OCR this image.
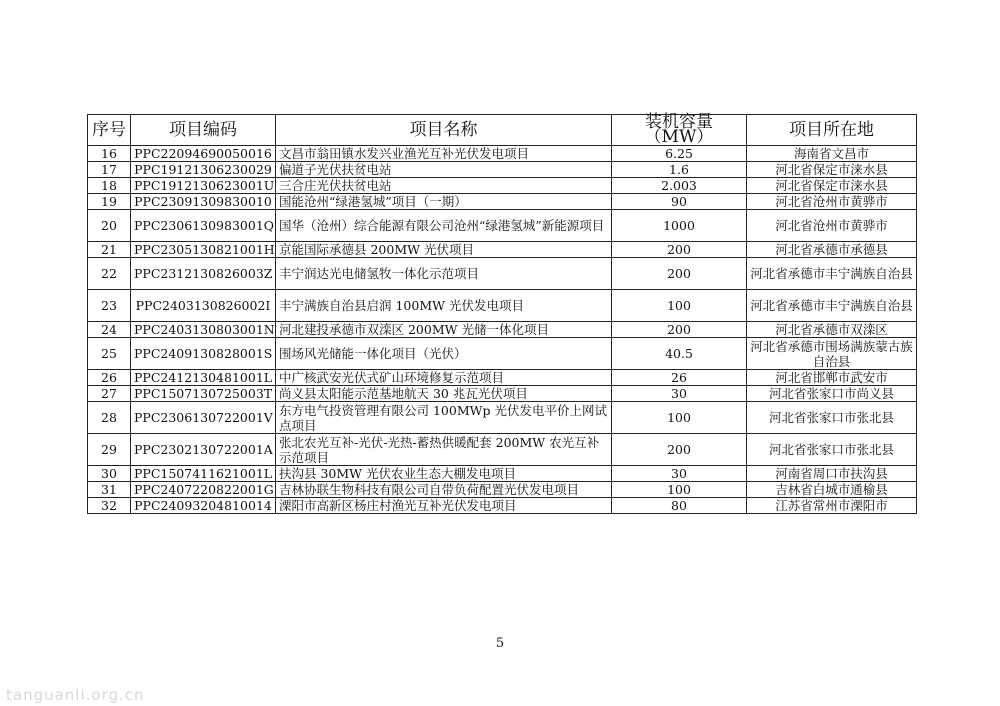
序号	项目编码	项目名称	装机容量（MW）	项目所在地
16	PPC22094690050016	文昌市翁田镇水发兴业渔光互补光伏发电项目	6.25	海南省文昌市
17	PPC19121306230029	偏道子光伏扶贫电站	1.6	河北省保定市涞水县
18	PPC1912130623001U	三合庄光伏扶贫电站	2.003	河北省保定市涞水县
19	PPC23091309830010	国能沧州“绿港氢城”项目（一期）	90	河北省沧州市黄骅市
20	PPC2306130983001Q	国华（沧州）综合能源有限公司沧州“绿港氢城”新能源项目	1000	河北省沧州市黄骅市
21	PPC2305130821001H	京能国际承德县 200MW 光伏项目	200	河北省承德市承德县
22	PPC2312130826003Z	丰宁润达光电储氢牧一体化示范项目	200	河北省承德市丰宁满族自治县
23	PPC2403130826002I	丰宁满族自治县启润 100MW 光伏发电项目	100	河北省承德市丰宁满族自治县
24	PPC2403130803001N	河北建投承德市双滦区 200MW 光储一体化项目	200	河北省承德市双滦区
25	PPC2409130828001S	围场风光储能一体化项目（光伏）	40.5	河北省承德市围场满族蒙古族自治县
26	PPC2412130481001L	中广核武安光伏式矿山环境修复示范项目	26	河北省邯郸市武安市
27	PPC1507130725003T	尚义县太阳能示范基地航天 30 兆瓦光伏项目	30	河北省张家口市尚义县
28	PPC2306130722001V	东方电气投资管理有限公司 100MWp 光伏发电平价上网试点项目	100	河北省张家口市张北县
29	PPC2302130722001A	张北农光互补-光伏-光热-蓄热供暖配套 200MW 农光互补示范项目	200	河北省张家口市张北县
30	PPC1507411621001L	扶沟县 30MW 光伏农业生态大棚发电项目	30	河南省周口市扶沟县
31	PPC2407220822001G	吉林协联生物科技有限公司自带负荷配置光伏发电项目	100	吉林省白城市通榆县
32	PPC24093204810014	溧阳市高新区杨庄村渔光互补光伏发电项目	80	江苏省常州市溧阳市
5
tanguanli.org.cn
